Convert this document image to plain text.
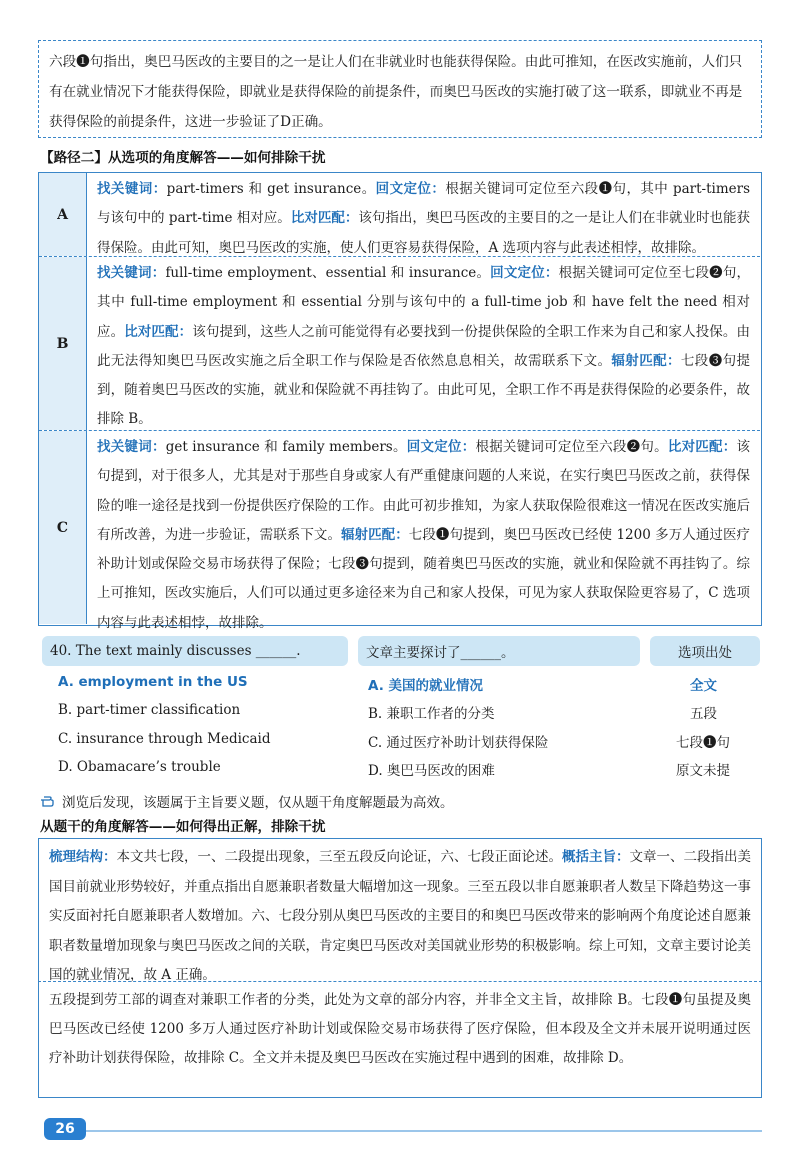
六段❶句指出，奥巴马医改的主要目的之一是让人们在非就业时也能获得保险。由此可推知，在医改实施前，人们只有在就业情况下才能获得保险，即就业是获得保险的前提条件，而奥巴马医改的实施打破了这一联系，即就业不再是获得保险的前提条件，这进一步验证了D正确。
【路径二】从选项的角度解答——如何排除干扰
A
找关键词：part-timers 和 get insurance。回文定位：根据关键词可定位至六段❶句，其中 part-timers 与该句中的 part-time 相对应。比对匹配：该句指出，奥巴马医改的主要目的之一是让人们在非就业时也能获得保险。由此可知，奥巴马医改的实施，使人们更容易获得保险，A 选项内容与此表述相悖，故排除。
B
找关键词：full-time employment、essential 和 insurance。回文定位：根据关键词可定位至七段❷句，其中 full-time employment 和 essential 分别与该句中的 a full-time job 和 have felt the need 相对应。比对匹配：该句提到，这些人之前可能觉得有必要找到一份提供保险的全职工作来为自己和家人投保。由此无法得知奥巴马医改实施之后全职工作与保险是否依然息息相关，故需联系下文。辐射匹配：七段❸句提到，随着奥巴马医改的实施，就业和保险就不再挂钩了。由此可见，全职工作不再是获得保险的必要条件，故排除 B。
C
找关键词：get insurance 和 family members。回文定位：根据关键词可定位至六段❷句。比对匹配：该句提到，对于很多人，尤其是对于那些自身或家人有严重健康问题的人来说，在实行奥巴马医改之前，获得保险的唯一途径是找到一份提供医疗保险的工作。由此可初步推知，为家人获取保险很难这一情况在医改实施后有所改善，为进一步验证，需联系下文。辐射匹配：七段❶句提到，奥巴马医改已经使 1200 多万人通过医疗补助计划或保险交易市场获得了保险；七段❸句提到，随着奥巴马医改的实施，就业和保险就不再挂钩了。综上可推知，医改实施后，人们可以通过更多途径来为自己和家人投保，可见为家人获取保险更容易了，C 选项内容与此表述相悖，故排除。
40. The text mainly discusses ______.	文章主要探讨了______。	选项出处
A. employment in the US	A. 美国的就业情况	全文
B. part-timer classification	B. 兼职工作者的分类	五段
C. insurance through Medicaid	C. 通过医疗补助计划获得保险	七段❶句
D. Obamacare’s trouble	D. 奥巴马医改的困难	原文未提
浏览后发现，该题属于主旨要义题，仅从题干角度解题最为高效。
从题干的角度解答——如何得出正解，排除干扰
梳理结构：本文共七段，一、二段提出现象，三至五段反向论证，六、七段正面论述。概括主旨：文章一、二段指出美国目前就业形势较好，并重点指出自愿兼职者数量大幅增加这一现象。三至五段以非自愿兼职者人数呈下降趋势这一事实反面衬托自愿兼职者人数增加。六、七段分别从奥巴马医改的主要目的和奥巴马医改带来的影响两个角度论述自愿兼职者数量增加现象与奥巴马医改之间的关联，肯定奥巴马医改对美国就业形势的积极影响。综上可知，文章主要讨论美国的就业情况，故 A 正确。
五段提到劳工部的调查对兼职工作者的分类，此处为文章的部分内容，并非全文主旨，故排除 B。七段❶句虽提及奥巴马医改已经使 1200 多万人通过医疗补助计划或保险交易市场获得了医疗保险，但本段及全文并未展开说明通过医疗补助计划获得保险，故排除 C。全文并未提及奥巴马医改在实施过程中遇到的困难，故排除 D。
26
